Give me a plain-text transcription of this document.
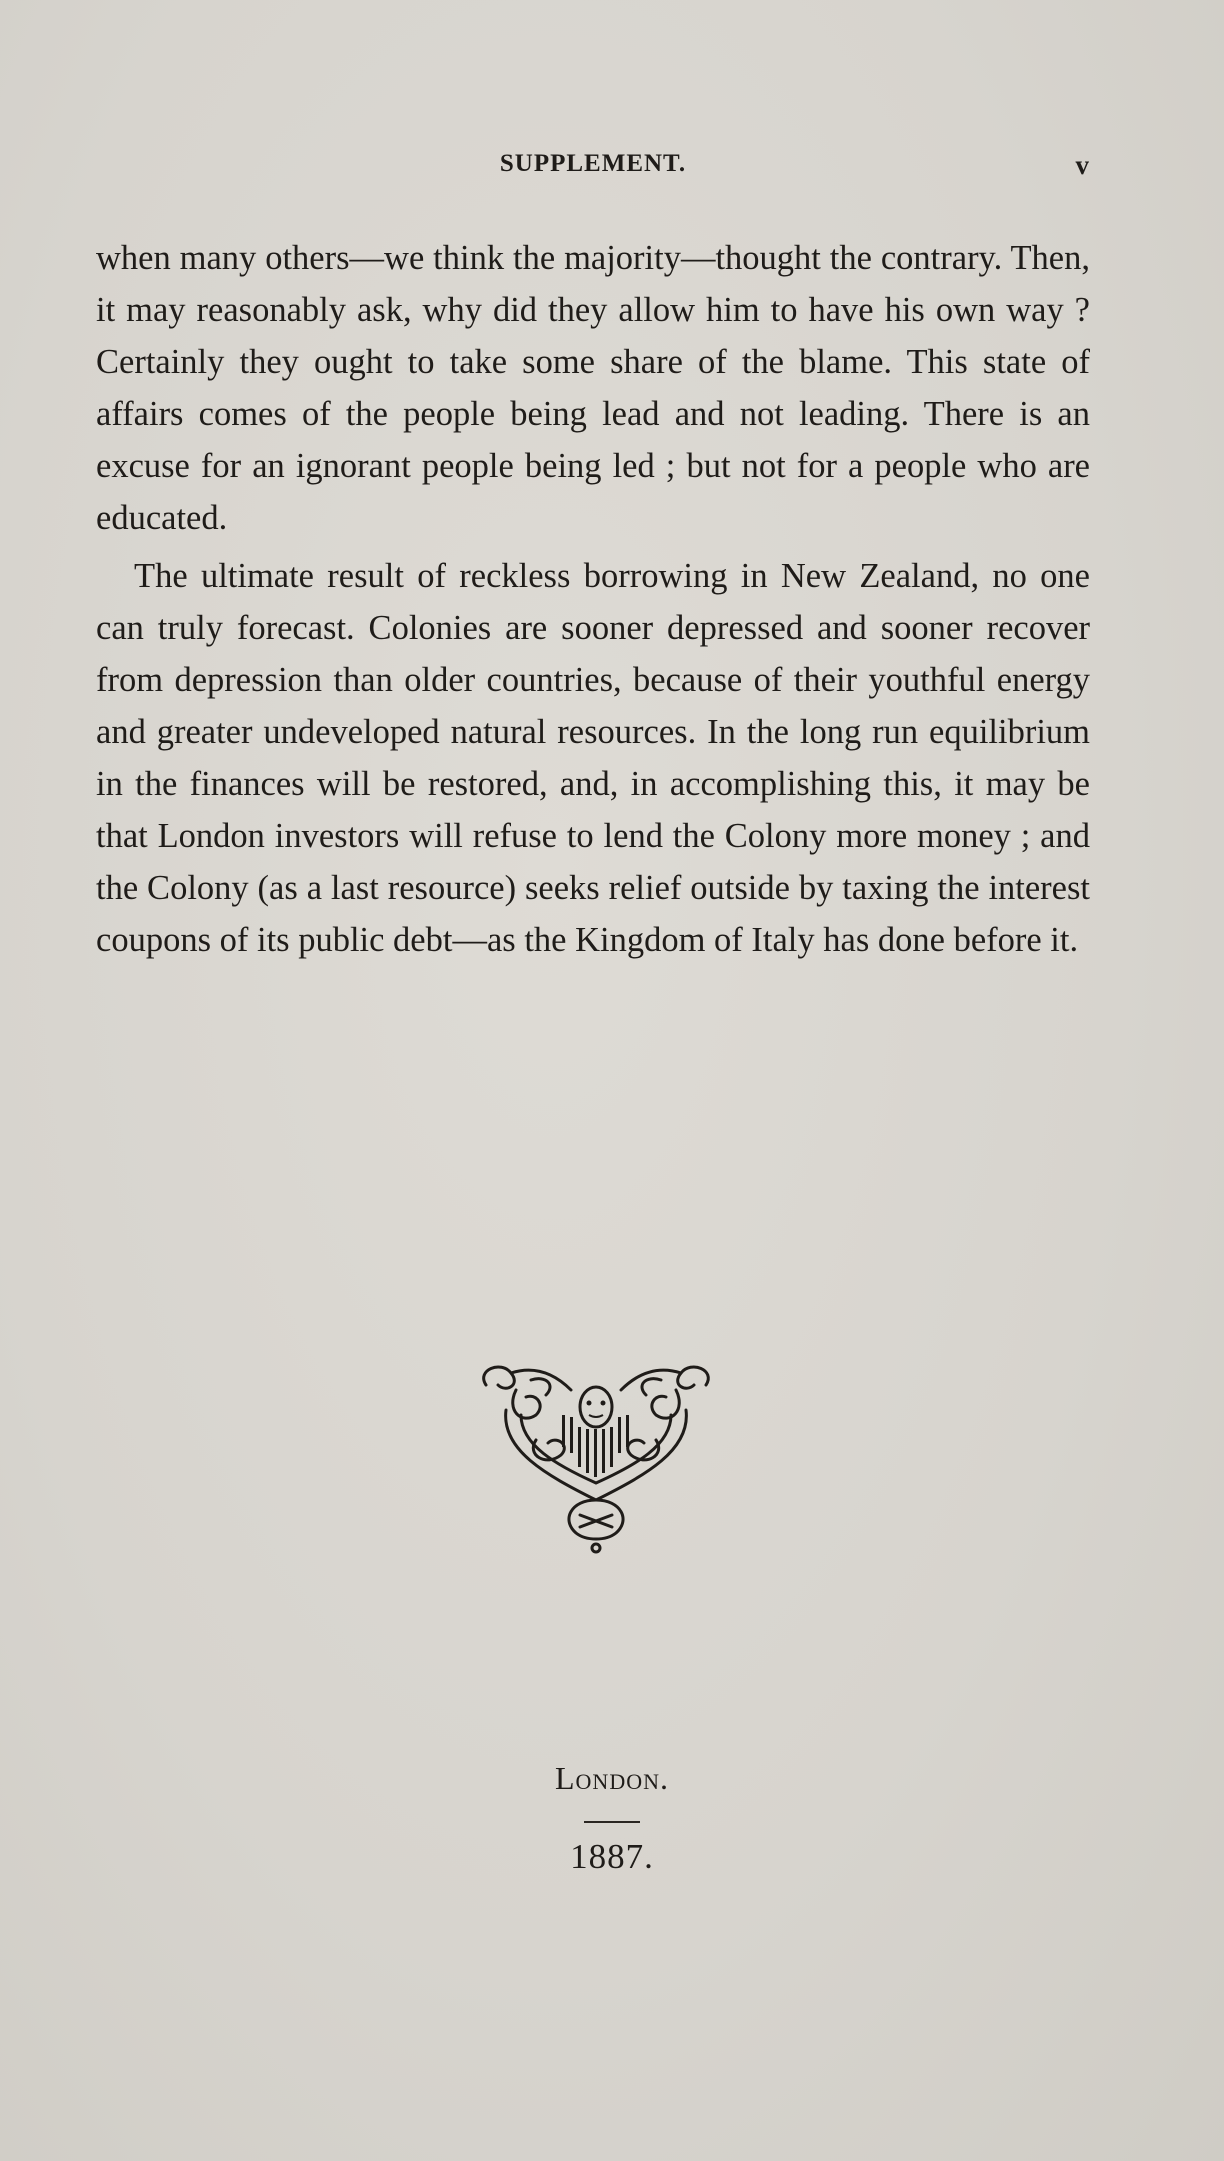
SUPPLEMENT.	v

when many others—we think the majority—thought the contrary. Then, it may reasonably ask, why did they allow him to have his own way ? Certainly they ought to take some share of the blame. This state of affairs comes of the people being lead and not leading. There is an excuse for an ignorant people being led ; but not for a people who are educated.

The ultimate result of reckless borrowing in New Zealand, no one can truly forecast. Colonies are sooner depressed and sooner recover from depression than older countries, because of their youthful energy and greater undeveloped natural resources. In the long run equilibrium in the finances will be restored, and, in accomplishing this, it may be that London investors will refuse to lend the Colony more money ; and the Colony (as a last resource) seeks relief outside by taxing the interest coupons of its public debt—as the Kingdom of Italy has done before it.

London.
1887.
